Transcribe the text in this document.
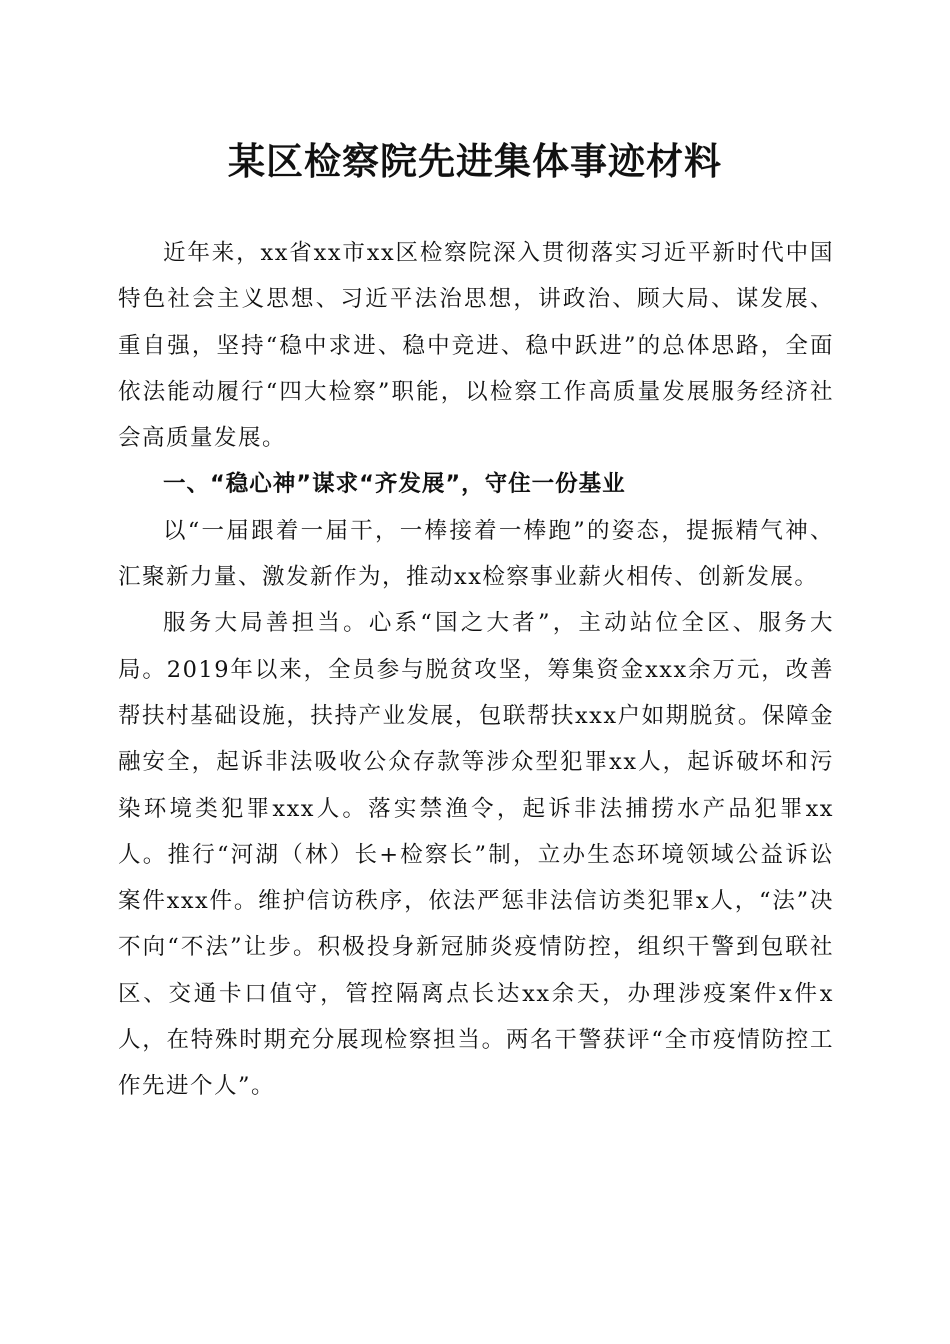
某区检察院先进集体事迹材料

近年来，xx省xx市xx区检察院深入贯彻落实习近平新时代中国特色社会主义思想、习近平法治思想，讲政治、顾大局、谋发展、重自强，坚持“稳中求进、稳中竞进、稳中跃进”的总体思路，全面依法能动履行“四大检察”职能，以检察工作高质量发展服务经济社会高质量发展。

一、“稳心神”谋求“齐发展”，守住一份基业

以“一届跟着一届干，一棒接着一棒跑”的姿态，提振精气神、汇聚新力量、激发新作为，推动xx检察事业薪火相传、创新发展。

服务大局善担当。心系“国之大者”，主动站位全区、服务大局。2019年以来，全员参与脱贫攻坚，筹集资金xxx余万元，改善帮扶村基础设施，扶持产业发展，包联帮扶xxx户如期脱贫。保障金融安全，起诉非法吸收公众存款等涉众型犯罪xx人，起诉破坏和污染环境类犯罪xxx人。落实禁渔令，起诉非法捕捞水产品犯罪xx人。推行“河湖（林）长+检察长”制，立办生态环境领域公益诉讼案件xxx件。维护信访秩序，依法严惩非法信访类犯罪x人，“法”决不向“不法”让步。积极投身新冠肺炎疫情防控，组织干警到包联社区、交通卡口值守，管控隔离点长达xx余天，办理涉疫案件x件x人，在特殊时期充分展现检察担当。两名干警获评“全市疫情防控工作先进个人”。
